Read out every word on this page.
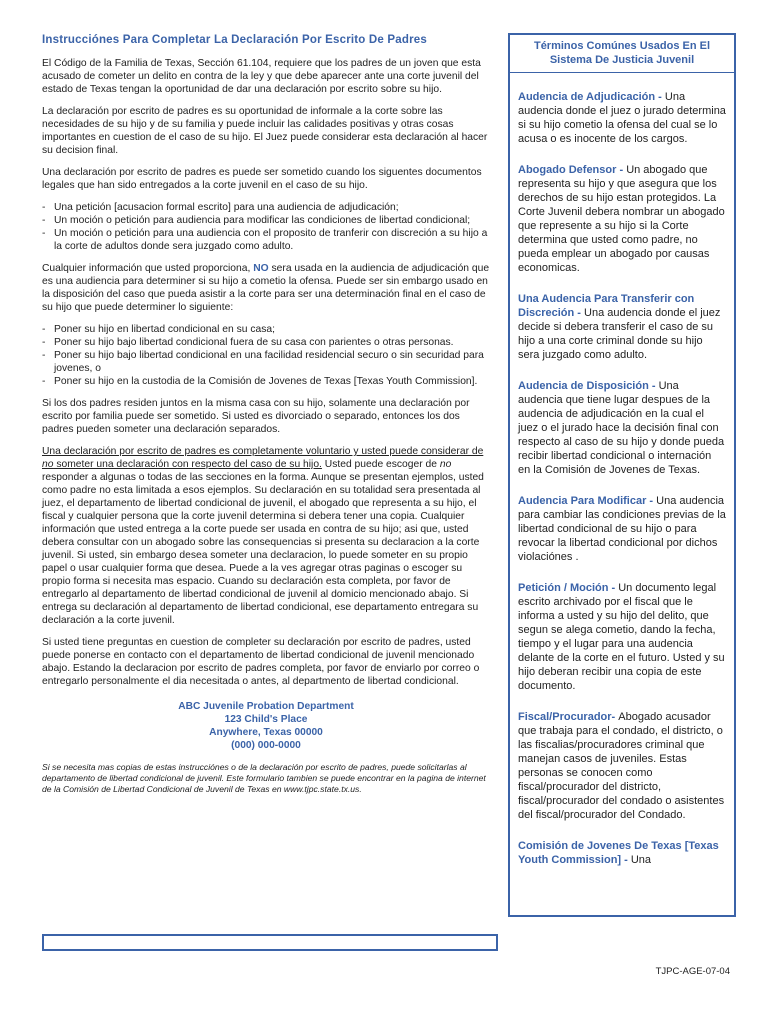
Instrucciónes Para Completar La Declaración Por Escrito De Padres

El Código de la Familia de Texas, Sección 61.104, requiere que los padres de un joven que esta acusado de cometer un delito en contra de la ley y que debe aparecer ante una corte juvenil del estado de Texas tengan la oportunidad de dar una declaración por escrito sobre su hijo.

La declaración por escrito de padres es su oportunidad de informale a la corte sobre las necesidades de su hijo y de su familia y puede incluir las calidades positivas y otras cosas importantes en cuestion de el caso de su hijo. El Juez puede considerar esta declaración al hacer su decision final.

Una declaración por escrito de padres es puede ser sometido cuando los siguentes documentos legales que han sido entregados a la corte juvenil en el caso de su hijo.

- Una petición [acusacion formal escrito] para una audiencia de adjudicación;
- Un moción o petición para audiencia para modificar las condiciones de libertad condicional;
- Un moción o petición para una audiencia con el proposito de tranferir con discreción a su hijo a la corte de adultos donde sera juzgado como adulto.

Cualquier información que usted proporciona, NO sera usada en la audiencia de adjudicación que es una audiencia para determiner si su hijo a cometio la ofensa. Puede ser sin embargo usado en la disposición del caso que pueda asistir a la corte para ser una determinación final en el caso de su hijo que puede determiner lo siguiente:

- Poner su hijo en libertad condicional en su casa;
- Poner su hijo bajo libertad condicional fuera de su casa con parientes o otras personas.
- Poner su hijo bajo libertad condicional en una facilidad residencial securo o sin securidad para jovenes, o
- Poner su hijo en la custodia de la Comisión de Jovenes de Texas [Texas Youth Commission].

Si los dos padres residen juntos en la misma casa con su hijo, solamente una declaración por escrito por familia puede ser sometido. Si usted es divorciado o separado, entonces los dos padres pueden someter una declaración separados.

Una declaración por escrito de padres es completamente voluntario y usted puede considerar de no someter una declaración con respecto del caso de su hijo. Usted puede escoger de no responder a algunas o todas de las secciones en la forma. Aunque se presentan ejemplos, usted como padre no esta limitada a esos ejemplos. Su declaración en su totalidad sera presentada al juez, el departamento de libertad condicional de juvenil, el abogado que representa a su hijo, el fiscal y cualquier persona que la corte juvenil determina si debera tener una copia. Cualquier información que usted entrega a la corte puede ser usada en contra de su hijo; asi que, usted debera consultar con un abogado sobre las consequencias si presenta su declaracion a la corte juvenil. Si usted, sin embargo desea someter una declaracion, lo puede someter en su propio papel o usar cualquier forma que desea. Puede a la ves agregar otras paginas o escoger su propio forma si necesita mas espacio. Cuando su declaración esta completa, por favor de entregarlo al departamento de libertad condicional de juvenil al domicio mencionado abajo. Si entrega su declaración al departamento de libertad condicional, ese departamento entregara su declaración a la corte juvenil.

Si usted tiene preguntas en cuestion de completer su declaración por escrito de padres, usted puede ponerse en contacto con el departamento de libertad condicional de juvenil mencionado abajo. Estando la declaracion por escrito de padres completa, por favor de enviarlo por correo o entregarlo personalmente el dia necesitada o antes, al departmento de libertad condicional.

ABC Juvenile Probation Department
123 Child's Place
Anywhere, Texas 00000
(000) 000-0000

Si se necesita mas copias de estas instrucciónes o de la declaración por escrito de padres, puede solicitarlas al departamento de libertad condicional de juvenil. Este formulario tambien se puede encontrar en la pagina de internet de la Comisión de Libertad Condicional de Juvenil de Texas en www.tjpc.state.tx.us.

Términos Comúnes Usados En El Sistema De Justicia Juvenil

Audencia de Adjudicación - Una audencia donde el juez o jurado determina si su hijo cometio la ofensa del cual se lo acusa o es inocente de los cargos.

Abogado Defensor - Un abogado que representa su hijo y que asegura que los derechos de su hijo estan protegidos. La Corte Juvenil debera nombrar un abogado que represente a su hijo si la Corte determina que usted como padre, no pueda emplear un abogado por causas economicas.

Una Audencia Para Transferir con Discreción - Una audencia donde el juez decide si debera transferir el caso de su hijo a una corte criminal donde su hijo sera juzgado como adulto.

Audencia de Disposición - Una audencia que tiene lugar despues de la audencia de adjudicación en la cual el juez o el jurado hace la decisión final con respecto al caso de su hijo y donde pueda recibir libertad condicional o internación en la Comisión de Jovenes de Texas.

Audencia Para Modificar - Una audencia para cambiar las condiciones previas de la libertad condicional de su hijo o para revocar la libertad condicional por dichos violaciónes .

Petición / Moción - Un documento legal escrito archivado por el fiscal que le informa a usted y su hijo del delito, que segun se alega cometio, dando la fecha, tiempo y el lugar para una audencia delante de la corte en el futuro. Usted y su hijo deberan recibir una copia de este documento.

Fiscal/Procurador- Abogado acusador que trabaja para el condado, el districto, o las fiscalias/procuradores criminal que manejan casos de juveniles. Estas personas se conocen como fiscal/procurador del districto, fiscal/procurador del condado o asistentes del fiscal/procurador del Condado.

Comisión de Jovenes De Texas [Texas Youth Commission] - Una

TJPC-AGE-07-04
